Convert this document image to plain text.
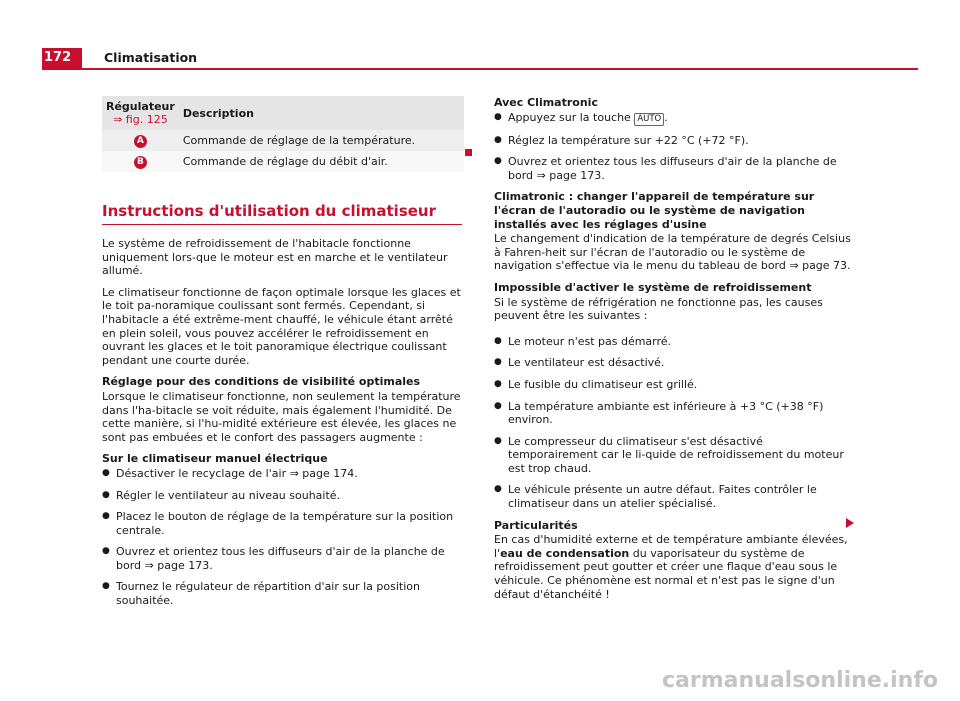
172	Climatisation
Régulateur
⇒ fig. 125	Description
A	Commande de réglage de la température.
B	Commande de réglage du débit d'air.
Instructions d'utilisation du climatiseur

Le système de refroidissement de l'habitacle fonctionne uniquement lors-que le moteur est en marche et le ventilateur allumé.

Le climatiseur fonctionne de façon optimale lorsque les glaces et le toit pa-noramique coulissant sont fermés. Cependant, si l'habitacle a été extrême-ment chauffé, le véhicule étant arrêté en plein soleil, vous pouvez accélérer le refroidissement en ouvrant les glaces et le toit panoramique électrique coulissant pendant une courte durée.

Réglage pour des conditions de visibilité optimales

Lorsque le climatiseur fonctionne, non seulement la température dans l'ha-bitacle se voit réduite, mais également l'humidité. De cette manière, si l'hu-midité extérieure est élevée, les glaces ne sont pas embuées et le confort des passagers augmente :

Sur le climatiseur manuel électrique

● Désactiver le recyclage de l'air ⇒ page 174.
● Régler le ventilateur au niveau souhaité.
● Placez le bouton de réglage de la température sur la position centrale.
● Ouvrez et orientez tous les diffuseurs d'air de la planche de bord ⇒ page 173.
● Tournez le régulateur de répartition d'air sur la position souhaitée.

Avec Climatronic

● Appuyez sur la touche AUTO .
● Réglez la température sur +22 °C (+72 °F).
● Ouvrez et orientez tous les diffuseurs d'air de la planche de bord ⇒ page 173.

Climatronic : changer l'appareil de température sur l'écran de l'autoradio ou le système de navigation installés avec les réglages d'usine

Le changement d'indication de la température de degrés Celsius à Fahren-heit sur l'écran de l'autoradio ou le système de navigation s'effectue via le menu du tableau de bord ⇒ page 73.

Impossible d'activer le système de refroidissement

Si le système de réfrigération ne fonctionne pas, les causes peuvent être les suivantes :

● Le moteur n'est pas démarré.
● Le ventilateur est désactivé.
● Le fusible du climatiseur est grillé.
● La température ambiante est inférieure à +3 °C (+38 °F) environ.
● Le compresseur du climatiseur s'est désactivé temporairement car le li-quide de refroidissement du moteur est trop chaud.
● Le véhicule présente un autre défaut. Faites contrôler le climatiseur dans un atelier spécialisé.

Particularités

En cas d'humidité externe et de température ambiante élevées, l'eau de condensation du vaporisateur du système de refroidissement peut goutter et créer une flaque d'eau sous le véhicule. Ce phénomène est normal et n'est pas le signe d'un défaut d'étanchéité !

carmanualsonline.info
